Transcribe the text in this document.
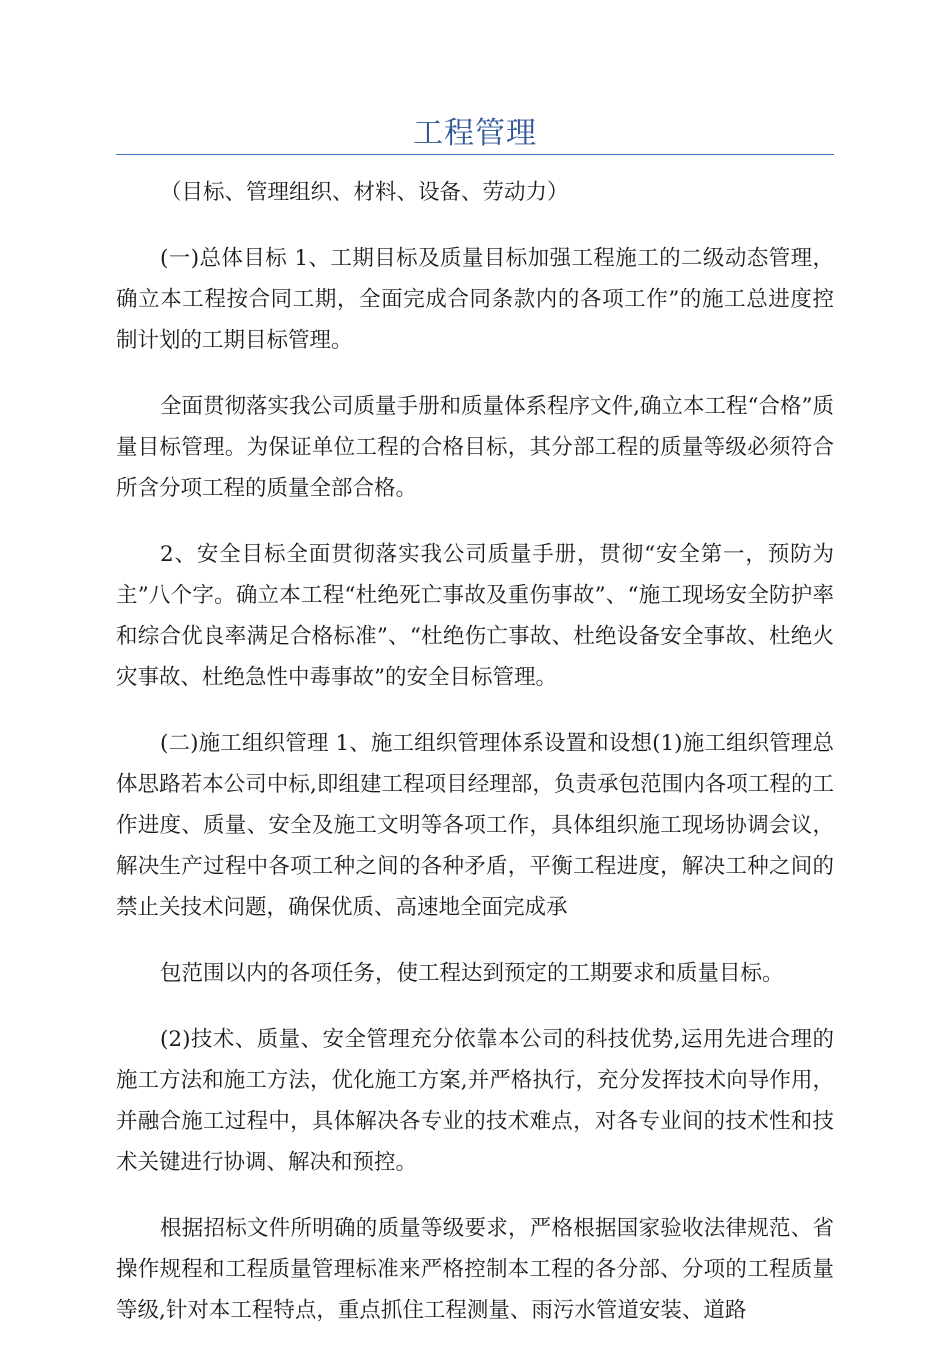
工程管理

（目标、管理组织、材料、设备、劳动力）

(一)总体目标 1、工期目标及质量目标加强工程施工的二级动态管理，确立本工程按合同工期，全面完成合同条款内的各项工作”的施工总进度控制计划的工期目标管理。

全面贯彻落实我公司质量手册和质量体系程序文件,确立本工程“合格”质量目标管理。为保证单位工程的合格目标，其分部工程的质量等级必须符合所含分项工程的质量全部合格。

2、安全目标全面贯彻落实我公司质量手册，贯彻“安全第一，预防为主”八个字。确立本工程“杜绝死亡事故及重伤事故”、“施工现场安全防护率和综合优良率满足合格标准”、“杜绝伤亡事故、杜绝设备安全事故、杜绝火灾事故、杜绝急性中毒事故”的安全目标管理。

(二)施工组织管理 1、施工组织管理体系设置和设想(1)施工组织管理总体思路若本公司中标,即组建工程项目经理部，负责承包范围内各项工程的工作进度、质量、安全及施工文明等各项工作，具体组织施工现场协调会议，解决生产过程中各项工种之间的各种矛盾，平衡工程进度，解决工种之间的禁止关技术问题，确保优质、高速地全面完成承

包范围以内的各项任务，使工程达到预定的工期要求和质量目标。

(2)技术、质量、安全管理充分依靠本公司的科技优势,运用先进合理的施工方法和施工方法，优化施工方案,并严格执行，充分发挥技术向导作用，并融合施工过程中，具体解决各专业的技术难点，对各专业间的技术性和技术关键进行协调、解决和预控。

根据招标文件所明确的质量等级要求，严格根据国家验收法律规范、省操作规程和工程质量管理标准来严格控制本工程的各分部、分项的工程质量等级,针对本工程特点，重点抓住工程测量、雨污水管道安装、道路
